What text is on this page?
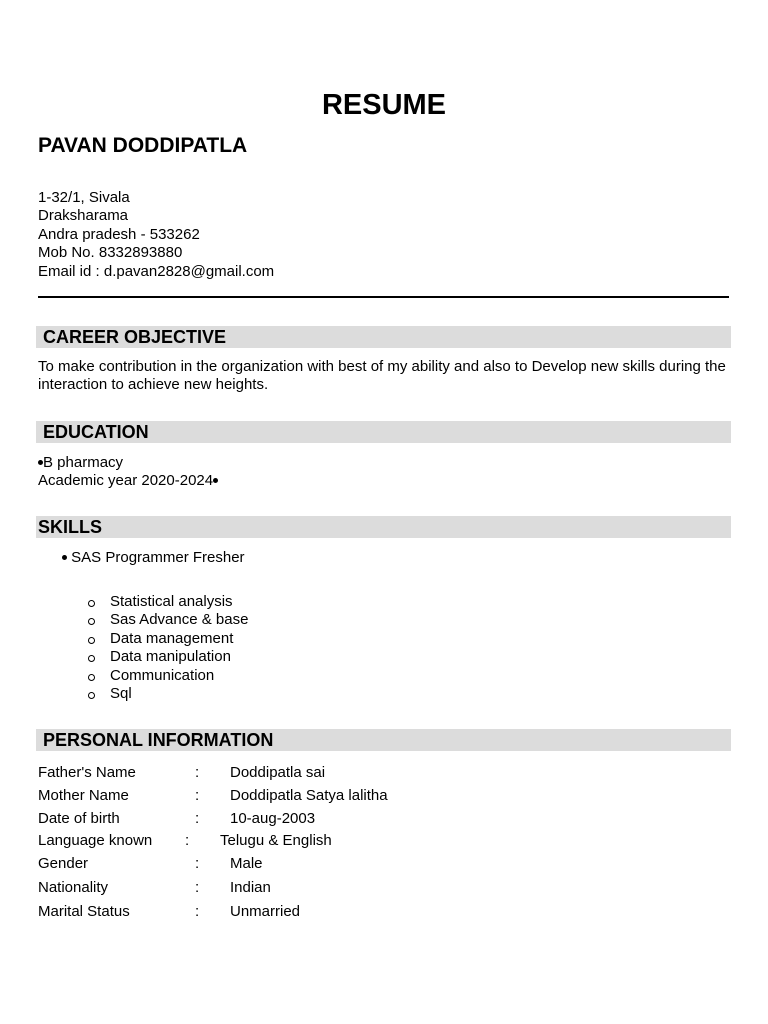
RESUME
PAVAN DODDIPATLA
1-32/1, Sivala
Draksharama
Andra pradesh - 533262
Mob No. 8332893880
Email id : d.pavan2828@gmail.com
CAREER OBJECTIVE
To make contribution in the organization with best of my ability and also to Develop new skills during the interaction to achieve new heights.
EDUCATION
B pharmacy
Academic year 2020-2024
SKILLS
SAS Programmer Fresher
Statistical analysis
Sas Advance & base
Data management
Data manipulation
Communication
Sql
PERSONAL INFORMATION
Father's Name	: Doddipatla sai
Mother Name	: Doddipatla Satya lalitha
Date of birth	: 10-aug-2003
Language known : Telugu & English
Gender	: Male
Nationality	: Indian
Marital Status	: Unmarried
